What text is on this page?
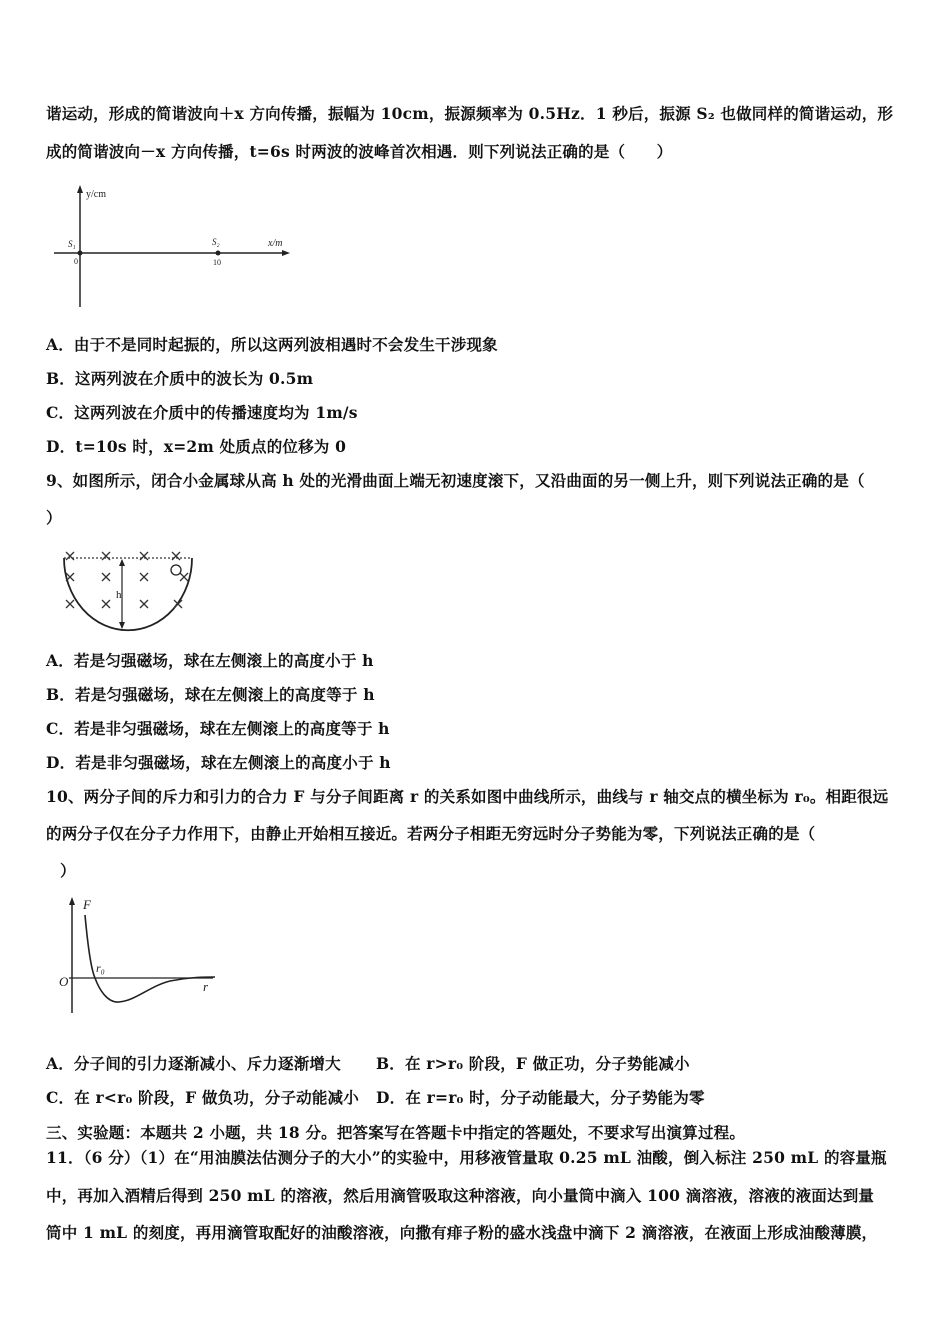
谐运动，形成的简谐波向＋x 方向传播，振幅为 10cm，振源频率为 0.5Hz．1 秒后，振源 S₂ 也做同样的简谐运动，形
成的简谐波向－x 方向传播，t=6s 时两波的波峰首次相遇．则下列说法正确的是（　　）
y/cm
x/m
S₁	S₂
0	10
A．由于不是同时起振的，所以这两列波相遇时不会发生干涉现象
B．这两列波在介质中的波长为 0.5m
C．这两列波在介质中的传播速度均为 1m/s
D．t=10s 时，x=2m 处质点的位移为 0
9、如图所示，闭合小金属球从高 h 处的光滑曲面上端无初速度滚下，又沿曲面的另一侧上升，则下列说法正确的是（
）
h
A．若是匀强磁场，球在左侧滚上的高度小于 h
B．若是匀强磁场，球在左侧滚上的高度等于 h
C．若是非匀强磁场，球在左侧滚上的高度等于 h
D．若是非匀强磁场，球在左侧滚上的高度小于 h
10、两分子间的斥力和引力的合力 F 与分子间距离 r 的关系如图中曲线所示，曲线与 r 轴交点的横坐标为 r₀。相距很远
的两分子仅在分子力作用下，由静止开始相互接近。若两分子相距无穷远时分子势能为零，下列说法正确的是（
）
F
O
r₀
r
A．分子间的引力逐渐减小、斥力逐渐增大 B．在 r>r₀ 阶段，F 做正功，分子势能减小
C．在 r<r₀ 阶段，F 做负功，分子动能减小 D．在 r=r₀ 时，分子动能最大，分子势能为零
三、实验题：本题共 2 小题，共 18 分。把答案写在答题卡中指定的答题处，不要求写出演算过程。
11．（6 分）（1）在“用油膜法估测分子的大小”的实验中，用移液管量取 0.25 mL 油酸，倒入标注 250 mL 的容量瓶
中，再加入酒精后得到 250 mL 的溶液，然后用滴管吸取这种溶液，向小量筒中滴入 100 滴溶液，溶液的液面达到量
筒中 1 mL 的刻度，再用滴管取配好的油酸溶液，向撒有痱子粉的盛水浅盘中滴下 2 滴溶液，在液面上形成油酸薄膜，
